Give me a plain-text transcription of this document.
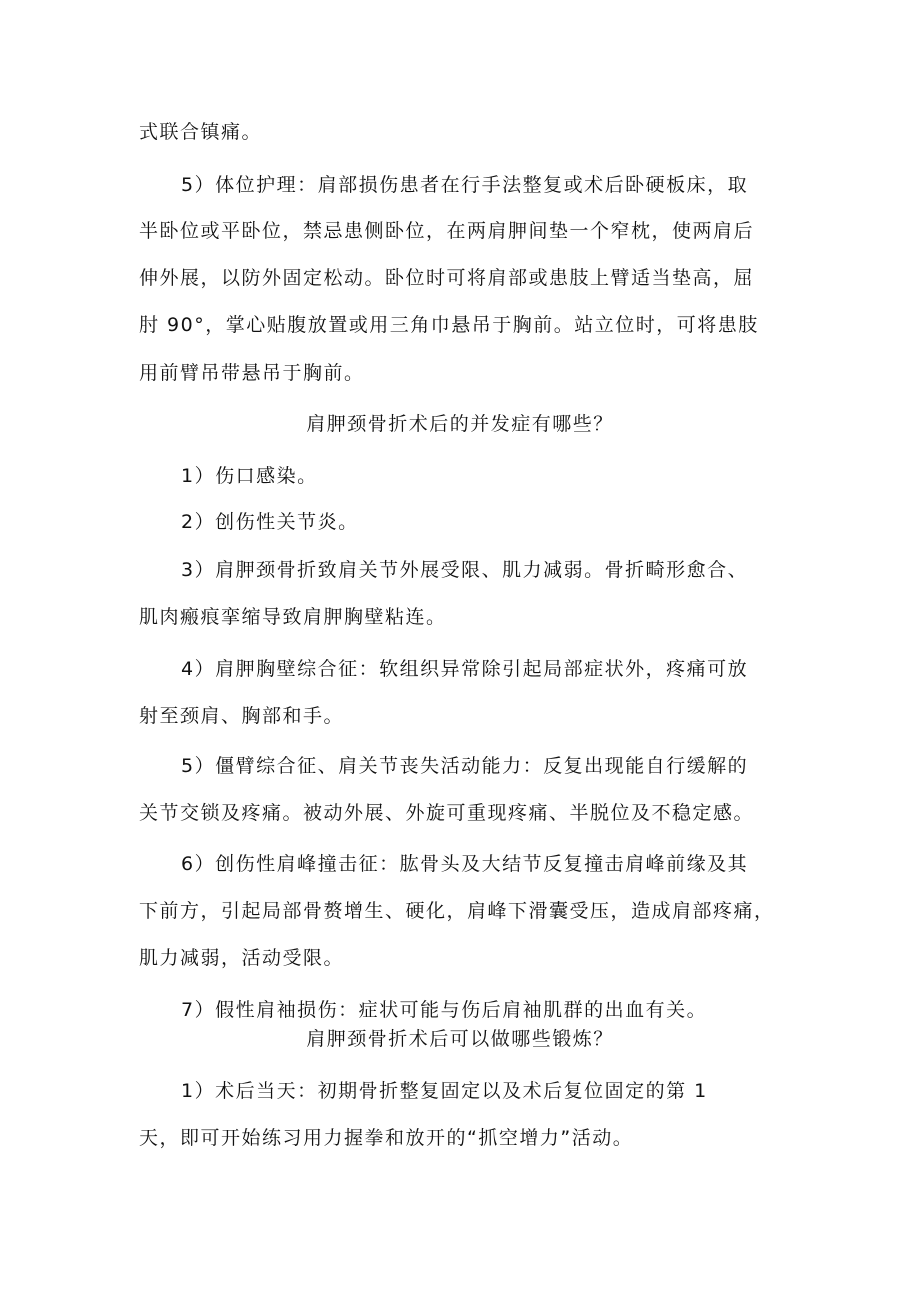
式联合镇痛。
5）体位护理：肩部损伤患者在行手法整复或术后卧硬板床，取
半卧位或平卧位，禁忌患侧卧位，在两肩胛间垫一个窄枕，使两肩后
伸外展，以防外固定松动。卧位时可将肩部或患肢上臂适当垫高，屈
肘 90°，掌心贴腹放置或用三角巾悬吊于胸前。站立位时，可将患肢
用前臂吊带悬吊于胸前。
肩胛颈骨折术后的并发症有哪些？
1）伤口感染。
2）创伤性关节炎。
3）肩胛颈骨折致肩关节外展受限、肌力减弱。骨折畸形愈合、
肌肉瘢痕挛缩导致肩胛胸壁粘连。
4）肩胛胸壁综合征：软组织异常除引起局部症状外，疼痛可放
射至颈肩、胸部和手。
5）僵臂综合征、肩关节丧失活动能力：反复出现能自行缓解的
关节交锁及疼痛。被动外展、外旋可重现疼痛、半脱位及不稳定感。
6）创伤性肩峰撞击征：肱骨头及大结节反复撞击肩峰前缘及其
下前方，引起局部骨赘增生、硬化，肩峰下滑囊受压，造成肩部疼痛，
肌力减弱，活动受限。
7）假性肩袖损伤：症状可能与伤后肩袖肌群的出血有关。
肩胛颈骨折术后可以做哪些锻炼？
1）术后当天：初期骨折整复固定以及术后复位固定的第 1
天，即可开始练习用力握拳和放开的“抓空增力”活动。
